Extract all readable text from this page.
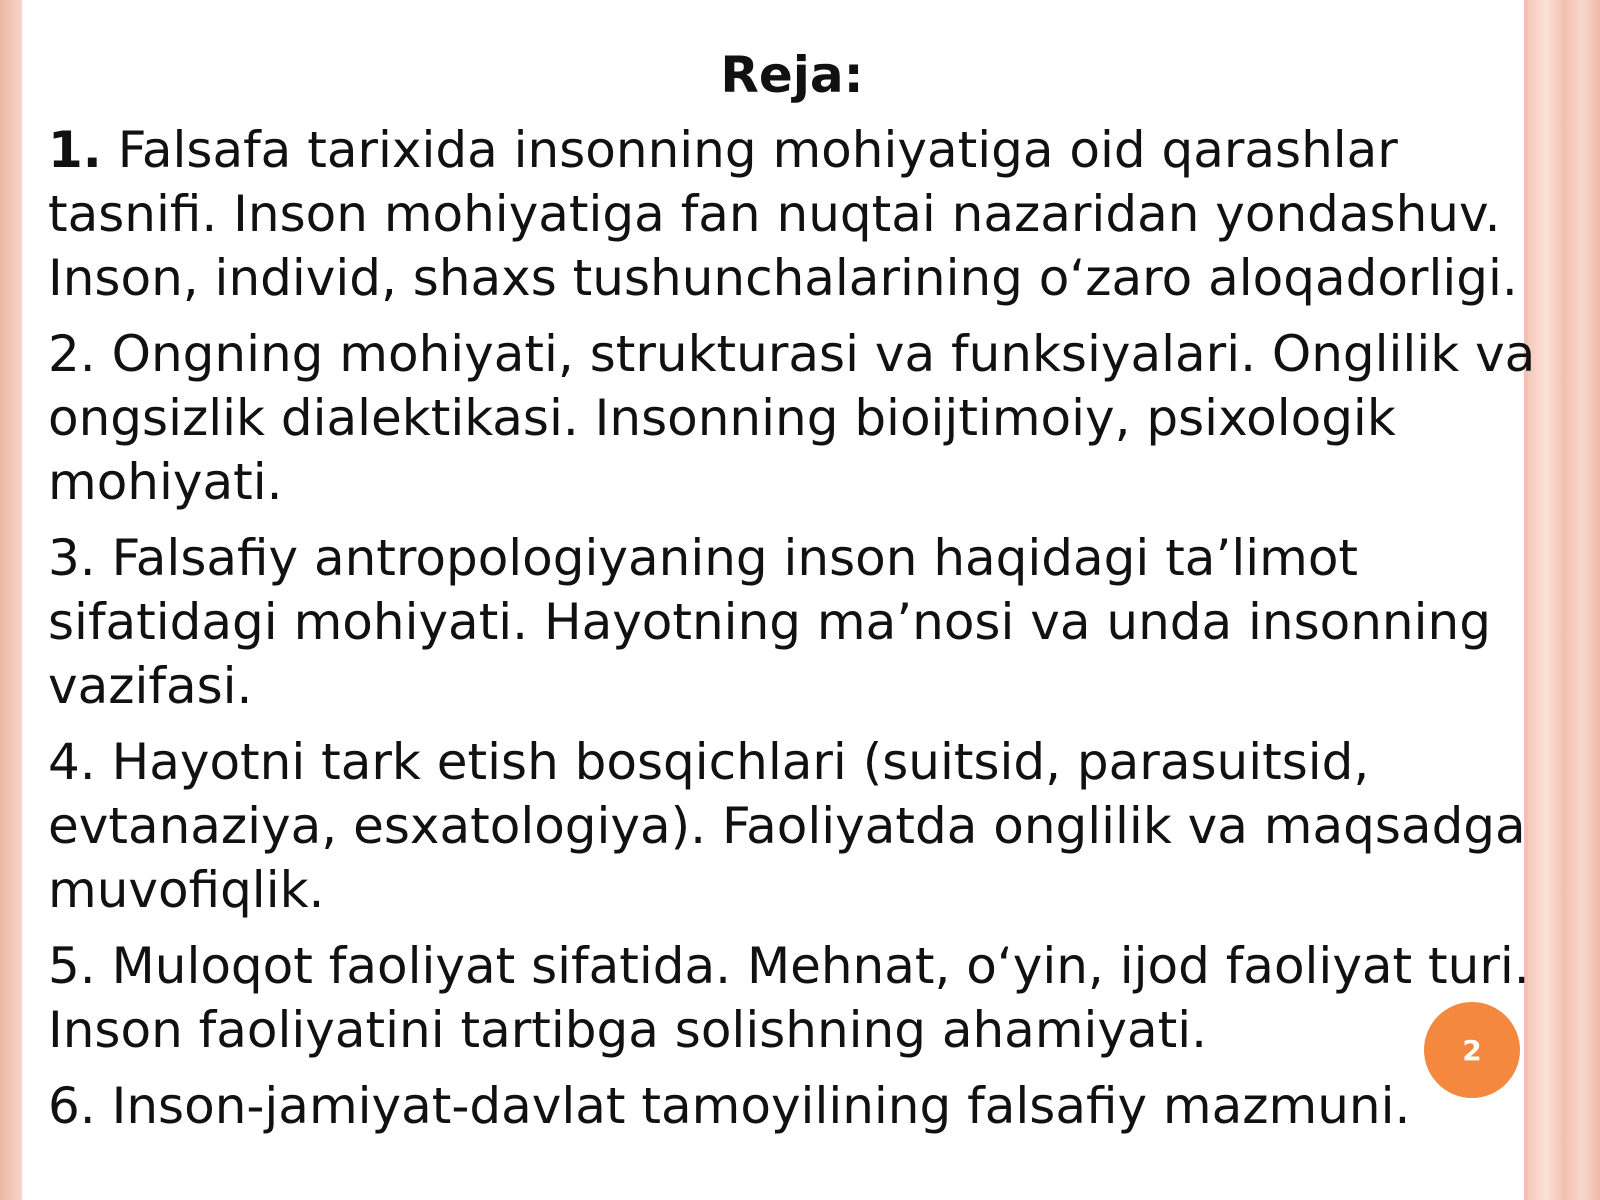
Reja:
1. Falsafa tarixida insonning mohiyatiga oid qarashlar tasnifi. Inson mohiyatiga fan nuqtai nazaridan yondashuv. Inson, individ, shaxs tushunchalarining oʻzaro aloqadorligi.
2. Ongning mohiyati, strukturasi va funksiyalari. Onglilik va ongsizlik dialektikasi. Insonning bioijtimoiy, psixologik mohiyati.
3. Falsafiy antropologiyaning inson haqidagi ta’limot sifatidagi mohiyati. Hayotning ma’nosi va unda insonning vazifasi.
4. Hayotni tark etish bosqichlari (suitsid, parasuitsid, evtanaziya, esxatologiya). Faoliyatda onglilik va maqsadga muvofiqlik.
5. Muloqot faoliyat sifatida. Mehnat, oʻyin, ijod faoliyat turi. Inson faoliyatini tartibga solishning ahamiyati.
6. Inson-jamiyat-davlat tamoyilining falsafiy mazmuni.
2
